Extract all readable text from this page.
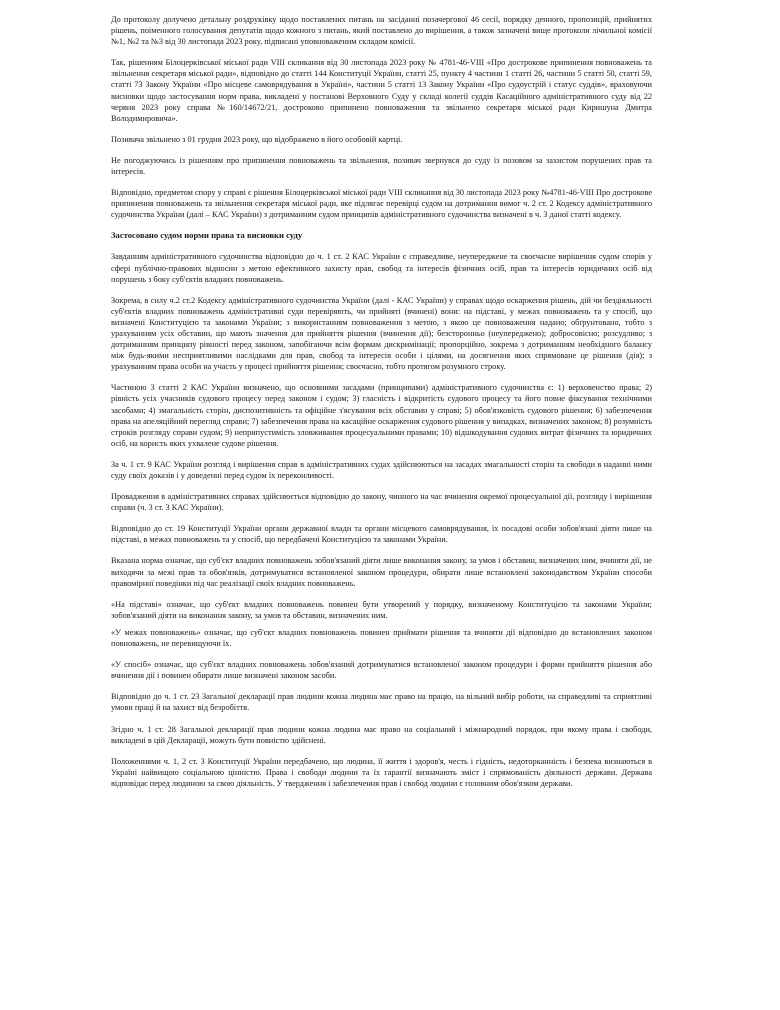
До протоколу долучено детальну роздруківку щодо поставлених питань на засіданні позачергової 46 сесії, порядку денного, пропозицій, прийнятих рішень, поіменного голосування депутатів щодо кожного з питань, який поставлено до вирішення, а також зазначені вище протоколи лічильної комісії №1, №2 та №3 від 30 листопада 2023 року, підписані уповноваженим складом комісії.

Так, рішенням Білоцерківської міської ради VIII скликання від 30 листопада 2023 року № 4781-46-VIII «Про дострокове припинення повноважень та звільнення секретаря міської ради», відповідно до статті 144 Конституції України, статті 25, пункту 4 частини 1 статті 26, частини 5 статті 50, статті 59, статті 73 Закону України «Про місцеве самоврядування в Україні», частини 5 статті 13 Закону України «Про судоустрій і статус суддів», враховуючи висновки щодо застосування норм права, викладені у постанові Верховного Суду у складі колегії суддів Касаційного адміністративного суду від 22 червня 2023 року справа №160/14672/21, достроково припинено повноваження та звільнено секретаря міської ради Киришуна Дмитра Володимировича».

Позивача звільнено з 01 грудня 2023 року, що відображено в його особовій картці.

Не погоджуючись із рішенням про припинення повноважень та звільнення, позивач звернувся до суду із позовом за захистом порушених прав та інтересів.

Відповідно, предметом спору у справі є рішення Білоцерківської міської ради VIII скликання від 30 листопада 2023 року №4781-46-VIII Про дострокове припинення повноважень та звільнення секретаря міської ради, яке підлягає перевірці судом на дотримання вимог ч. 2 ст. 2 Кодексу адміністративного судочинства України (далі – КАС України) з дотриманням судом принципів адміністративного судочинства визначені в ч. 3 даної статті кодексу.

Застосовано судом норми права та висновки суду

Завданням адміністративного судочинства відповідно до ч. 1 ст. 2 КАС України є справедливе, неупереджене та своєчасне вирішення судом спорів у сфері публічно-правових відносин з метою ефективного захисту прав, свобод та інтересів фізичних осіб, прав та інтересів юридичних осіб від порушень з боку суб'єктів владних повноважень.

Зокрема, в силу ч.2 ст.2 Кодексу адміністративного судочинства України (далі - КАС України) у справах щодо оскарження рішень, дій чи бездіяльності суб'єктів владних повноважень адміністративні суди перевіряють, чи прийняті (вчинені) вони: на підставі, у межах повноважень та у спосіб, що визначені Конституцією та законами України; з використанням повноваження з метою, з якою це повноваження надано; обґрунтовано, тобто з урахуванням усіх обставин, що мають значення для прийняття рішення (вчинення дії); безсторонньо (неупереджено); добросовісно; розсудливо; з дотриманням принципу рівності перед законом, запобігаючи всім формам дискримінації; пропорційно, зокрема з дотриманням необхідного балансу між будь-якими несприятливими наслідками для прав, свобод та інтересів особи і цілями, на досягнення яких спрямоване це рішення (дія); з урахуванням права особи на участь у процесі прийняття рішення; своєчасно, тобто протягом розумного строку.

Частиною 3 статті 2 КАС України визначено, що основними засадами (принципами) адміністративного судочинства є: 1) верховенство права; 2) рівність усіх учасників судового процесу перед законом і судом; 3) гласність і відкритість судового процесу та його повне фіксування технічними засобами; 4) змагальність сторін, диспозитивність та офіційне з'ясування всіх обставин у справі; 5) обов'язковість судового рішення; 6) забезпечення права на апеляційний перегляд справи; 7) забезпечення права на касаційне оскарження судового рішення у випадках, визначених законом; 8) розумність строків розгляду справи судом; 9) неприпустимість зловживання процесуальними правами; 10) відшкодування судових витрат фізичних та юридичних осіб, на користь яких ухвалене судове рішення.

За ч. 1 ст. 9 КАС України розгляд і вирішення справ в адміністративних судах здійснюються на засадах змагальності сторін та свободи в наданні ними суду своїх доказів і у доведенні перед судом їх переконливості.

Провадження в адміністративних справах здійснюється відповідно до закону, чинного на час вчинення окремої процесуальної дії, розгляду і вирішення справи (ч. 3 ст. 3 КАС України).

Відповідно до ст. 19 Конституції України органи державної влади та органи місцевого самоврядування, їх посадові особи зобов'язані діяти лише на підставі, в межах повноважень та у спосіб, що передбачені Конституцією та законами України.

Вказана норма означає, що суб'єкт владних повноважень зобов'язаний діяти лише виконання закону, за умов і обставин, визначених ним, вчиняти дії, не виходячи за межі прав та обов'язків, дотримуватися встановленої законом процедури, обирати лише встановлені законодавством України способи правомірної поведінки під час реалізації своїх владних повноважень.

«На підставі» означає, що суб'єкт владних повноважень повинен бути утворений у порядку, визначеному Конституцією та законами України; зобов'язаний діяти на виконання закону, за умов та обставин, визначених ним.

«У межах повноважень» означає, що суб'єкт владних повноважень повинен приймати рішення та вчиняти дії відповідно до встановлених законом повноважень, не перевищуючи їх.

«У спосіб» означає, що суб'єкт владних повноважень зобов'язаний дотримуватися встановленої законом процедури і форми прийняття рішення або вчинення дії і повинен обирати лише визначені законом засоби.

Відповідно до ч. 1 ст. 23 Загальної декларації прав людини кожна людина має право на працю, на вільний вибір роботи, на справедливі та сприятливі умови праці й на захист від безробіття.

Згідно ч. 1 ст. 28 Загальної декларації прав людини кожна людина має право на соціальний і міжнародний порядок, при якому права і свободи, викладені в цій Декларації, можуть бути повністю здійснені.

Положеннями ч. 1, 2 ст. 3 Конституції України передбачено, що людина, її життя і здоров'я, честь і гідність, недоторканність і безпека визнаються в Україні найвищою соціальною цінністю. Права і свободи людини та їх гарантії визначають зміст і спрямованість діяльності держави. Держава відповідає перед людиною за свою діяльність. У твердження і забезпечення прав і свобод людини є головним обов'язком держави.
